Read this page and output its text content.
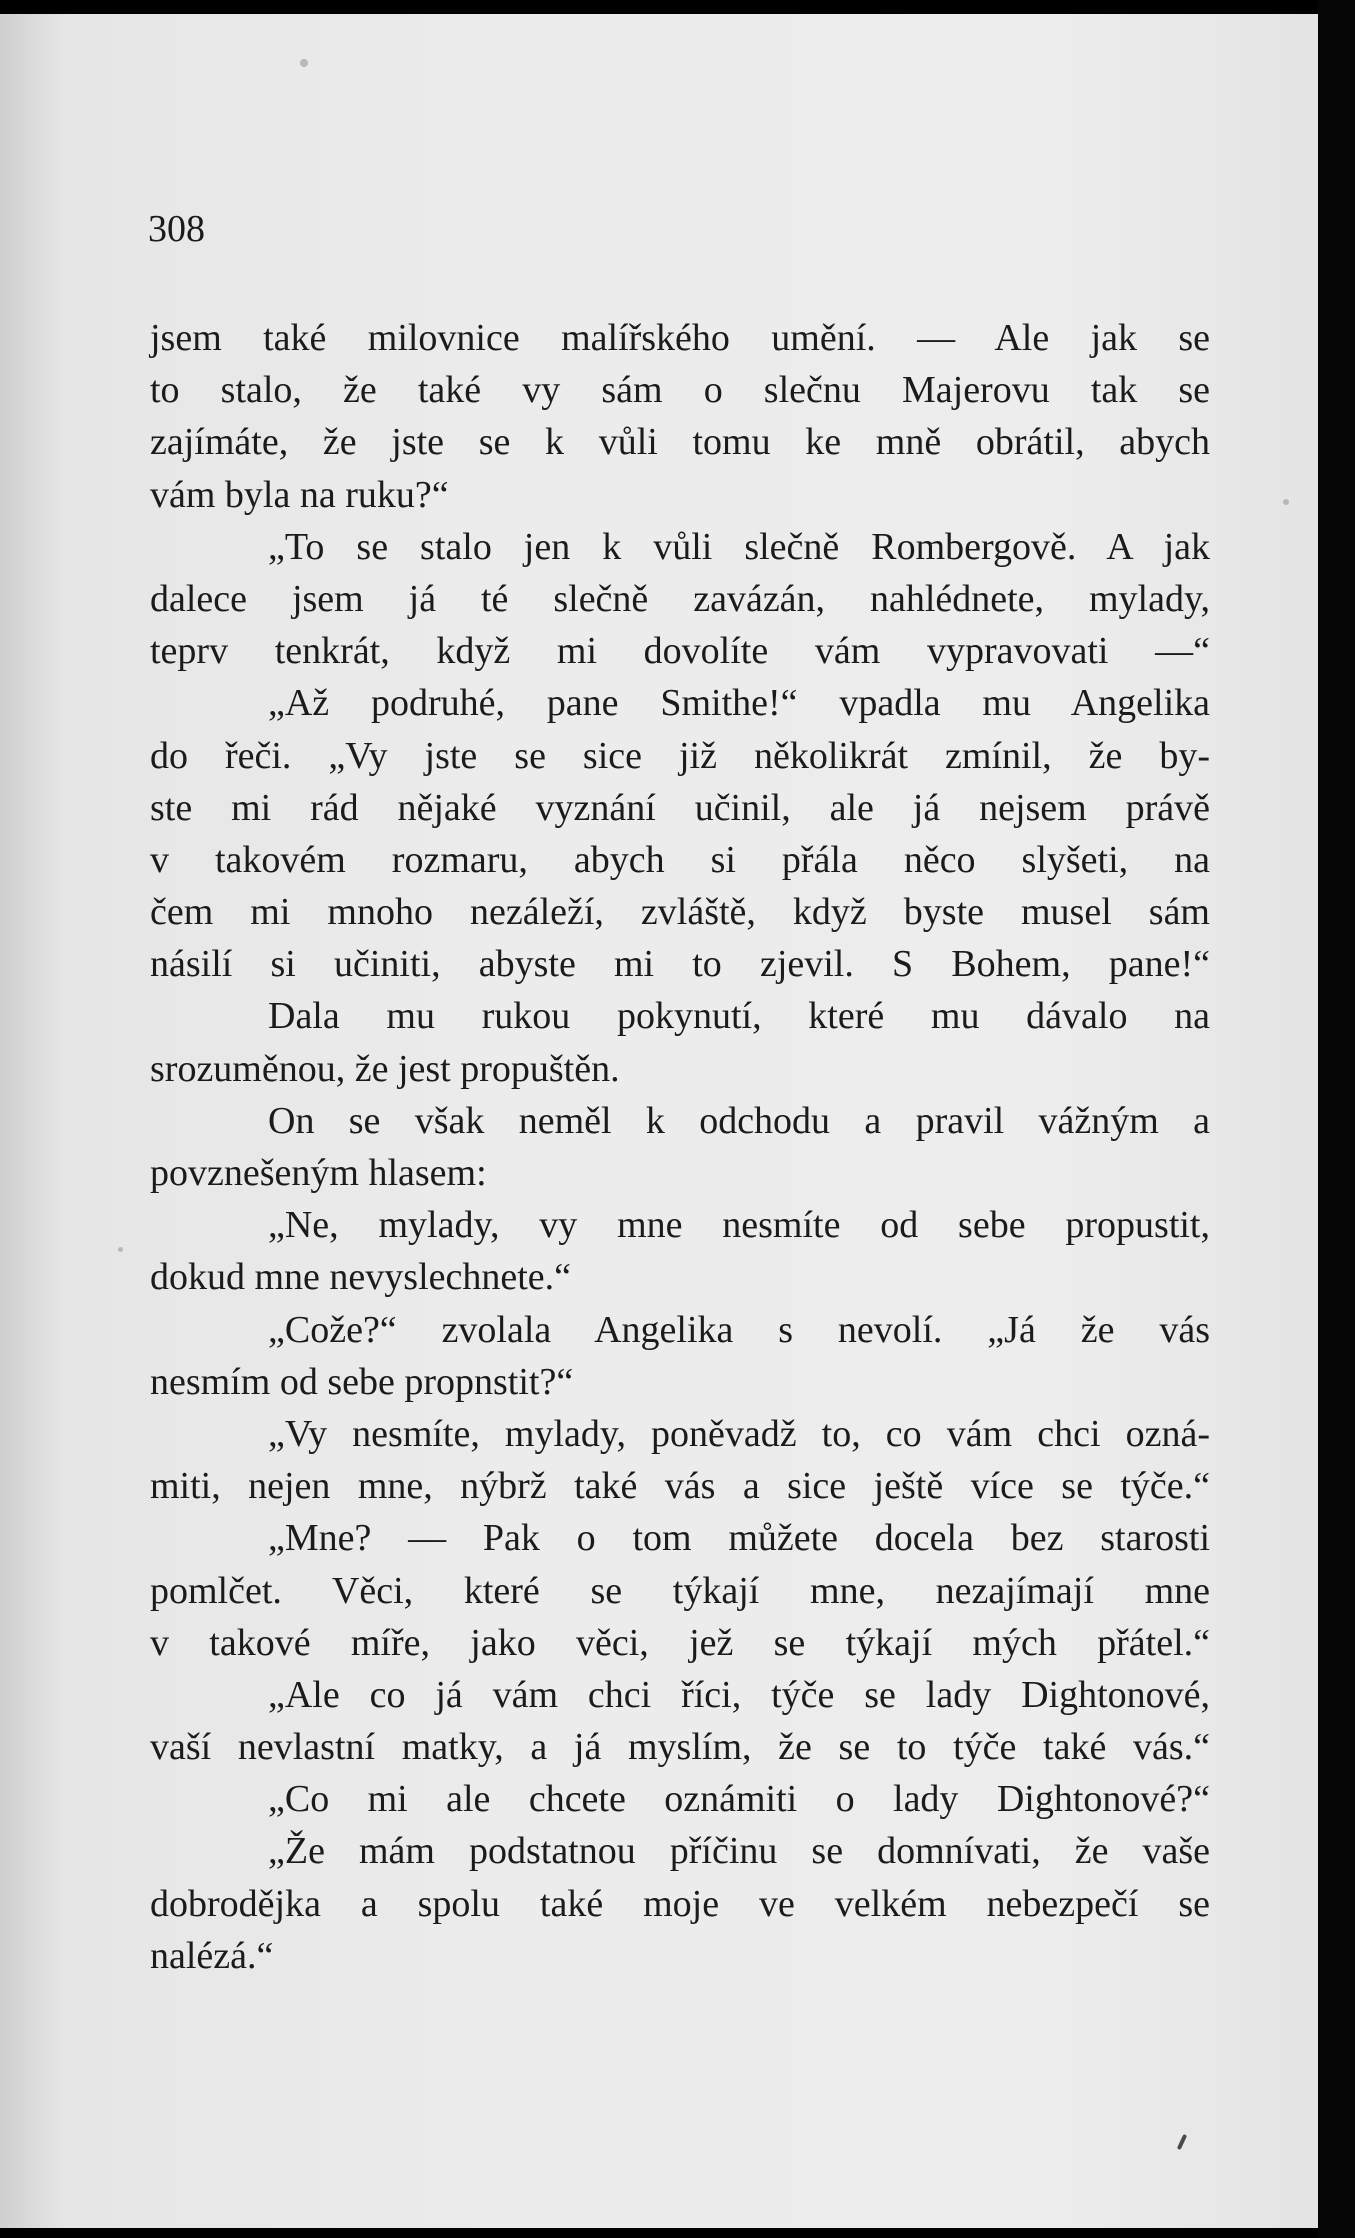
308
jsem také milovnice malířského umění. — Ale jak se
to stalo, že také vy sám o slečnu Majerovu tak se
zajímáte, že jste se k vůli tomu ke mně obrátil, abych
vám byla na ruku?“
„To se stalo jen k vůli slečně Rombergově. A jak
dalece jsem já té slečně zavázán, nahlédnete, mylady,
teprv tenkrát, když mi dovolíte vám vypravovati —“
„Až podruhé, pane Smithe!“ vpadla mu Angelika
do řeči. „Vy jste se sice již několikrát zmínil, že by-
ste mi rád nějaké vyznání učinil, ale já nejsem právě
v takovém rozmaru, abych si přála něco slyšeti, na
čem mi mnoho nezáleží, zvláště, když byste musel sám
násilí si učiniti, abyste mi to zjevil. S Bohem, pane!“
Dala mu rukou pokynutí, které mu dávalo na
srozuměnou, že jest propuštěn.
On se však neměl k odchodu a pravil vážným a
povznešeným hlasem:
„Ne, mylady, vy mne nesmíte od sebe propustit,
dokud mne nevyslechnete.“
„Cože?“ zvolala Angelika s nevolí. „Já že vás
nesmím od sebe propnstit?“
„Vy nesmíte, mylady, poněvadž to, co vám chci ozná-
miti, nejen mne, nýbrž také vás a sice ještě více se týče.“
„Mne? — Pak o tom můžete docela bez starosti
pomlčet. Věci, které se týkají mne, nezajímají mne
v takové míře, jako věci, jež se týkají mých přátel.“
„Ale co já vám chci říci, týče se lady Dightonové,
vaší nevlastní matky, a já myslím, že se to týče také vás.“
„Co mi ale chcete oznámiti o lady Dightonové?“
„Že mám podstatnou příčinu se domnívati, že vaše
dobrodějka a spolu také moje ve velkém nebezpečí se
nalézá.“
